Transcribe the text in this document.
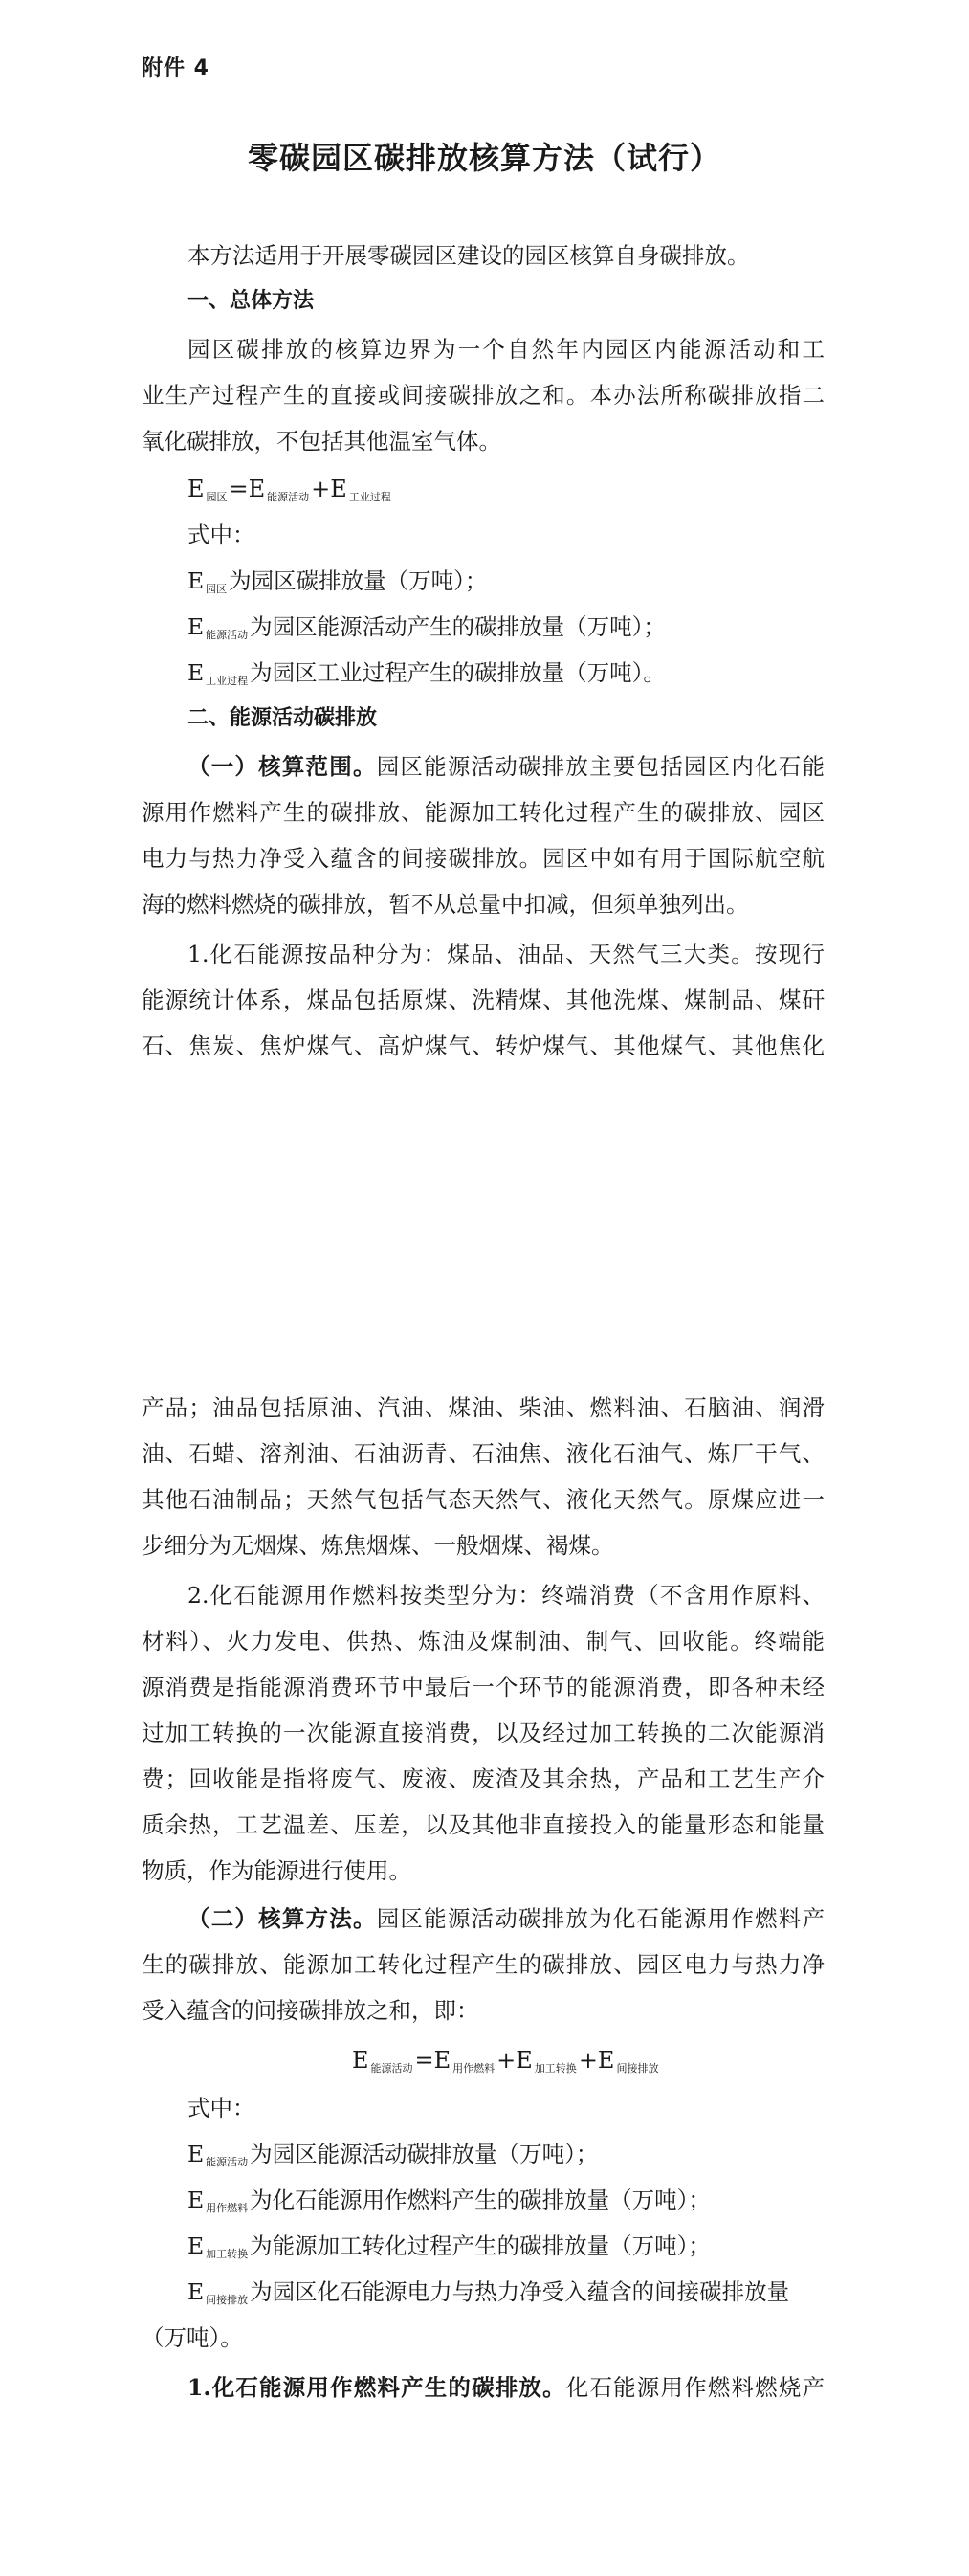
附件 4
零碳园区碳排放核算方法（试行）
本方法适用于开展零碳园区建设的园区核算自身碳排放。
一、总体方法
园区碳排放的核算边界为一个自然年内园区内能源活动和工
业生产过程产生的直接或间接碳排放之和。本办法所称碳排放指二
氧化碳排放，不包括其他温室气体。
E $_{园区}$=E $_{能源活动}$+E $_{工业过程}$
式中：
E $_{园区}$为园区碳排放量（万吨）；
E $_{能源活动}$为园区能源活动产生的碳排放量（万吨）；
E $_{工业过程}$为园区工业过程产生的碳排放量（万吨）。
二、能源活动碳排放
（一）核算范围。园区能源活动碳排放主要包括园区内化石能
源用作燃料产生的碳排放、能源加工转化过程产生的碳排放、园区
电力与热力净受入蕴含的间接碳排放。园区中如有用于国际航空航
海的燃料燃烧的碳排放，暂不从总量中扣减，但须单独列出。
1.化石能源按品种分为：煤品、油品、天然气三大类。按现行
能源统计体系，煤品包括原煤、洗精煤、其他洗煤、煤制品、煤矸
石、焦炭、焦炉煤气、高炉煤气、转炉煤气、其他煤气、其他焦化
产品；油品包括原油、汽油、煤油、柴油、燃料油、石脑油、润滑
油、石蜡、溶剂油、石油沥青、石油焦、液化石油气、炼厂干气、
其他石油制品；天然气包括气态天然气、液化天然气。原煤应进一
步细分为无烟煤、炼焦烟煤、一般烟煤、褐煤。
2.化石能源用作燃料按类型分为：终端消费（不含用作原料、
材料）、火力发电、供热、炼油及煤制油、制气、回收能。终端能
源消费是指能源消费环节中最后一个环节的能源消费，即各种未经
过加工转换的一次能源直接消费，以及经过加工转换的二次能源消
费；回收能是指将废气、废液、废渣及其余热，产品和工艺生产介
质余热，工艺温差、压差，以及其他非直接投入的能量形态和能量
物质，作为能源进行使用。
（二）核算方法。园区能源活动碳排放为化石能源用作燃料产
生的碳排放、能源加工转化过程产生的碳排放、园区电力与热力净
受入蕴含的间接碳排放之和，即：
E $_{能源活动}$=E $_{用作燃料}$+E $_{加工转换}$+E $_{间接排放}$
式中：
E $_{能源活动}$为园区能源活动碳排放量（万吨）；
E $_{用作燃料}$为化石能源用作燃料产生的碳排放量（万吨）；
E $_{加工转换}$为能源加工转化过程产生的碳排放量（万吨）；
E $_{间接排放}$为园区化石能源电力与热力净受入蕴含的间接碳排放量
（万吨）。
1.化石能源用作燃料产生的碳排放。化石能源用作燃料燃烧产
